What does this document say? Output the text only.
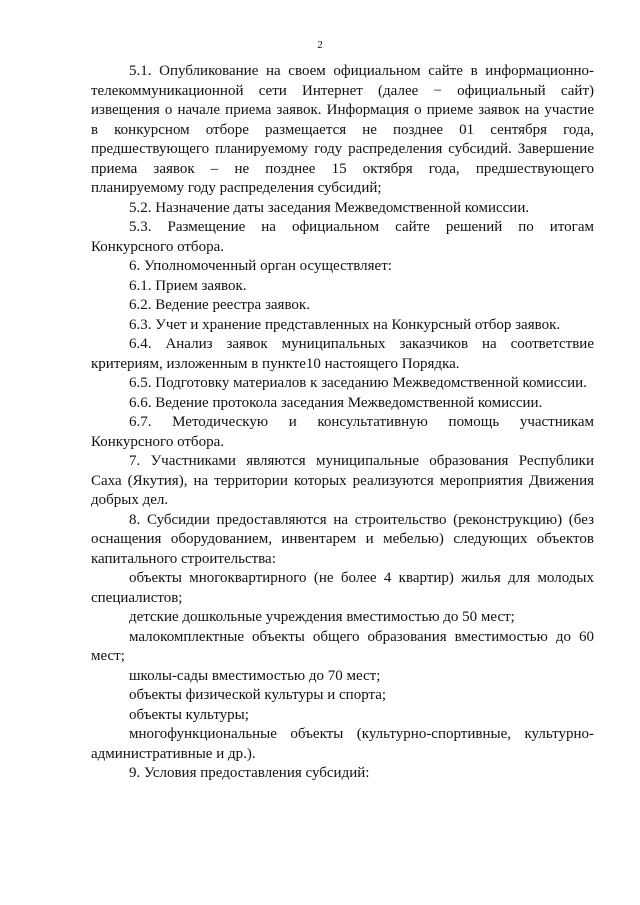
2
5.1. Опубликование на своем официальном сайте в информационно-
телекоммуникационной сети Интернет (далее − официальный сайт)
извещения о начале приема заявок. Информация о приеме заявок на участие
в конкурсном отборе размещается не позднее 01 сентября года,
предшествующего планируемому году распределения субсидий. Завершение
приема заявок – не позднее 15 октября года, предшествующего
планируемому году распределения субсидий;
5.2. Назначение даты заседания Межведомственной комиссии.
5.3. Размещение на официальном сайте решений по итогам
Конкурсного отбора.
6. Уполномоченный орган осуществляет:
6.1. Прием заявок.
6.2. Ведение реестра заявок.
6.3. Учет и хранение представленных на Конкурсный отбор заявок.
6.4. Анализ заявок муниципальных заказчиков на соответствие
критериям, изложенным в пункте10 настоящего Порядка.
6.5. Подготовку материалов к заседанию Межведомственной комиссии.
6.6. Ведение протокола заседания Межведомственной комиссии.
6.7. Методическую и консультативную помощь участникам
Конкурсного отбора.
7. Участниками являются муниципальные образования Республики
Саха (Якутия), на территории которых реализуются мероприятия Движения
добрых дел.
8. Субсидии предоставляются на строительство (реконструкцию) (без
оснащения оборудованием, инвентарем и мебелью) следующих объектов
капитального строительства:
объекты многоквартирного (не более 4 квартир) жилья для молодых
специалистов;
детские дошкольные учреждения вместимостью до 50 мест;
малокомплектные объекты общего образования вместимостью до 60
мест;
школы-сады вместимостью до 70 мест;
объекты физической культуры и спорта;
объекты культуры;
многофункциональные объекты (культурно-спортивные, культурно-
административные и др.).
9. Условия предоставления субсидий:
